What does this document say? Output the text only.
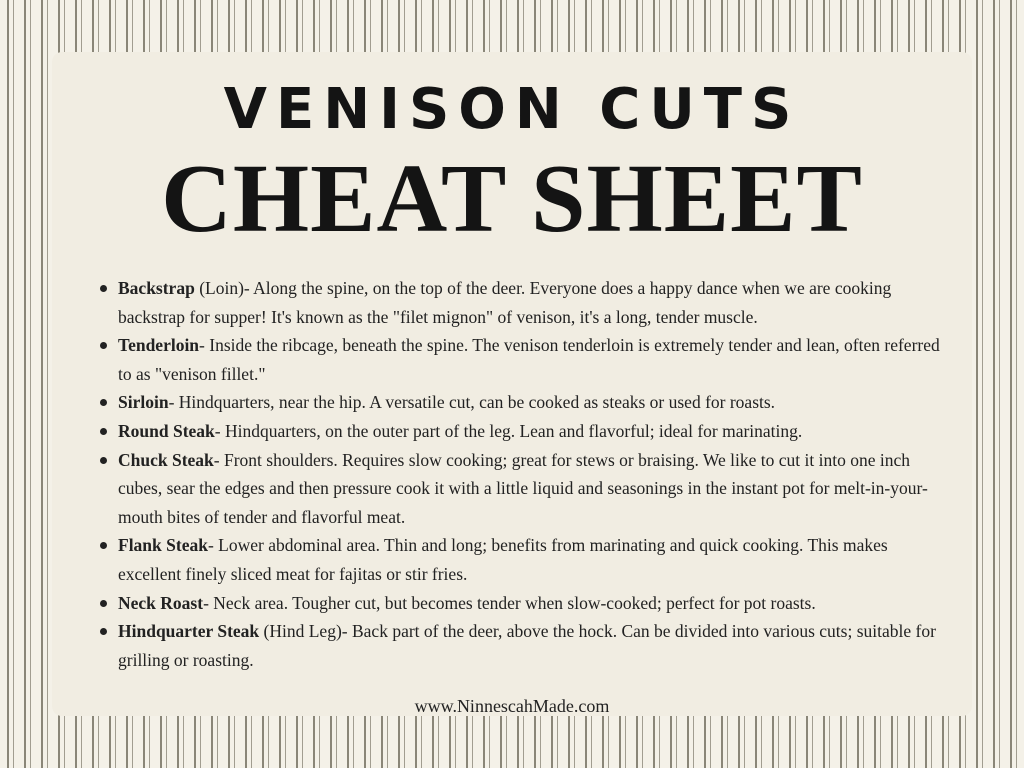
VENISON CUTS
CHEAT SHEET
Backstrap (Loin)- Along the spine, on the top of the deer. Everyone does a happy dance when we are cooking backstrap for supper! It's known as the "filet mignon" of venison, it's a long, tender muscle.
Tenderloin- Inside the ribcage, beneath the spine. The venison tenderloin is extremely tender and lean, often referred to as "venison fillet."
Sirloin- Hindquarters, near the hip. A versatile cut, can be cooked as steaks or used for roasts.
Round Steak- Hindquarters, on the outer part of the leg. Lean and flavorful; ideal for marinating.
Chuck Steak- Front shoulders. Requires slow cooking; great for stews or braising. We like to cut it into one inch cubes, sear the edges and then pressure cook it with a little liquid and seasonings in the instant pot for melt-in-your-mouth bites of tender and flavorful meat.
Flank Steak- Lower abdominal area. Thin and long; benefits from marinating and quick cooking. This makes excellent finely sliced meat for fajitas or stir fries.
Neck Roast- Neck area. Tougher cut, but becomes tender when slow-cooked; perfect for pot roasts.
Hindquarter Steak (Hind Leg)- Back part of the deer, above the hock. Can be divided into various cuts; suitable for grilling or roasting.
www.NinnescahMade.com
